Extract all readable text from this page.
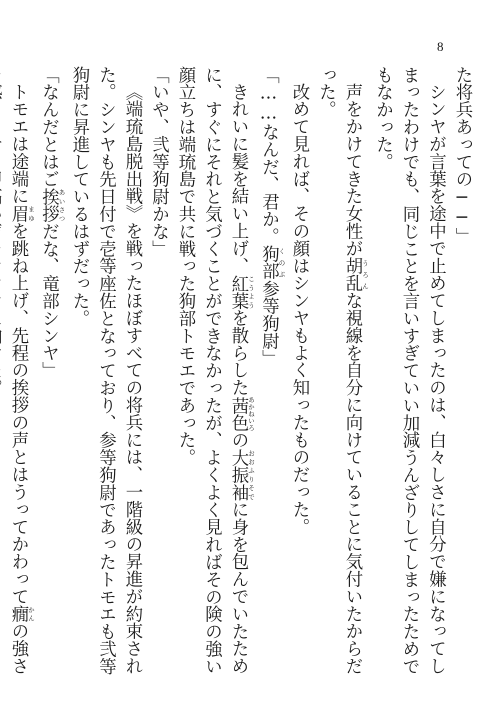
8

た将兵あっての──」

シンヤが言葉を途中で止めてしまったのは、白々しさに自分で嫌になってしまったわけでも、同じことを言いすぎていい加減うんざりしてしまったためでもなかった。

声をかけてきた女性が胡乱 うろんな視線を自分に向けていることに気付いたからだった。

改めて見れば、その顔はシンヤもよく知ったものだった。

「……なんだ、君か。狗部 くのぶ参等狗尉」

きれいに髪を結い上げ、紅葉 こうようを散らした茜色 あかねいろの大振袖 おおふりそでに身を包んでいたために、すぐにそれと気づくことができなかったが、よくよく見ればその険の強い顔立ちは端琉島で共に戦った狗部トモエであった。

「いや、弐等狗尉かな」

《端琉島脱出戦》を戦ったほぼすべての将兵には、一階級の昇進が約束された。シンヤも先日付で壱等座佐となっており、参等狗尉であったトモエも弐等狗尉に昇進しているはずだった。

「なんだとはご挨拶 あいさつだな、竜部シンヤ」

トモエは途端に眉 まゆを跳ね上げ、先程の挨拶の声とはうってかわって癇 かんの強さ
